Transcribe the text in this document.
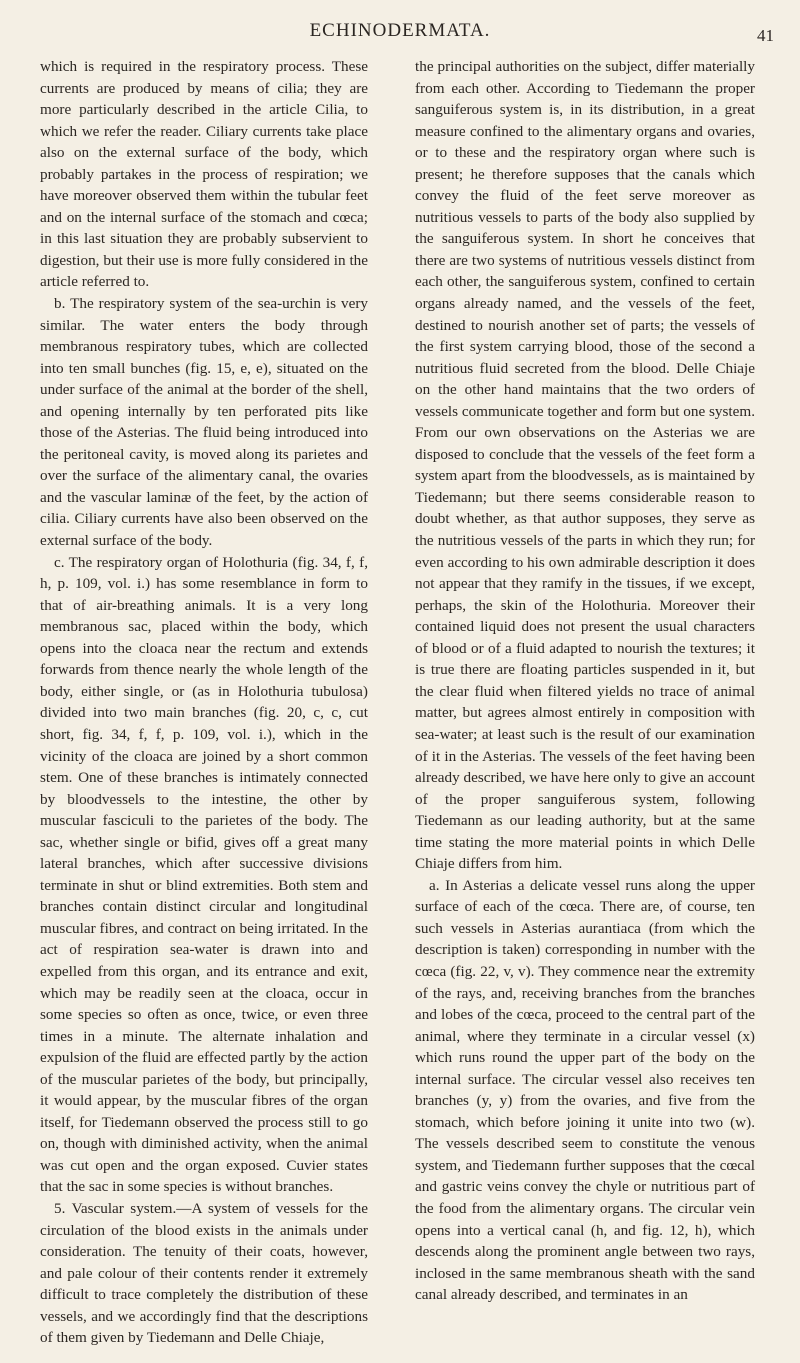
ECHINODERMATA.	41

which is required in the respiratory process. These currents are produced by means of cilia; they are more particularly described in the article Cilia, to which we refer the reader. Ciliary currents take place also on the external surface of the body, which probably partakes in the process of respiration; we have moreover observed them within the tubular feet and on the internal surface of the stomach and cœca; in this last situation they are probably subservient to digestion, but their use is more fully considered in the article referred to.

b. The respiratory system of the sea-urchin is very similar. The water enters the body through membranous respiratory tubes, which are collected into ten small bunches (fig. 15, e, e), situated on the under surface of the animal at the border of the shell, and opening internally by ten perforated pits like those of the Asterias. The fluid being introduced into the peritoneal cavity, is moved along its parietes and over the surface of the alimentary canal, the ovaries and the vascular laminæ of the feet, by the action of cilia. Ciliary currents have also been observed on the external surface of the body.

c. The respiratory organ of Holothuria (fig. 34, f, f, h, p. 109, vol. i.) has some resemblance in form to that of air-breathing animals. It is a very long membranous sac, placed within the body, which opens into the cloaca near the rectum and extends forwards from thence nearly the whole length of the body, either single, or (as in Holothuria tubulosa) divided into two main branches (fig. 20, c, c, cut short, fig. 34, f, f, p. 109, vol. i.), which in the vicinity of the cloaca are joined by a short common stem. One of these branches is intimately connected by bloodvessels to the intestine, the other by muscular fasciculi to the parietes of the body. The sac, whether single or bifid, gives off a great many lateral branches, which after successive divisions terminate in shut or blind extremities. Both stem and branches contain distinct circular and longitudinal muscular fibres, and contract on being irritated. In the act of respiration sea-water is drawn into and expelled from this organ, and its entrance and exit, which may be readily seen at the cloaca, occur in some species so often as once, twice, or even three times in a minute. The alternate inhalation and expulsion of the fluid are effected partly by the action of the muscular parietes of the body, but principally, it would appear, by the muscular fibres of the organ itself, for Tiedemann observed the process still to go on, though with diminished activity, when the animal was cut open and the organ exposed. Cuvier states that the sac in some species is without branches.

5. Vascular system.—A system of vessels for the circulation of the blood exists in the animals under consideration. The tenuity of their coats, however, and pale colour of their contents render it extremely difficult to trace completely the distribution of these vessels, and we accordingly find that the descriptions of them given by Tiedemann and Delle Chiaje,

the principal authorities on the subject, differ materially from each other. According to Tiedemann the proper sanguiferous system is, in its distribution, in a great measure confined to the alimentary organs and ovaries, or to these and the respiratory organ where such is present; he therefore supposes that the canals which convey the fluid of the feet serve moreover as nutritious vessels to parts of the body also supplied by the sanguiferous system. In short he conceives that there are two systems of nutritious vessels distinct from each other, the sanguiferous system, confined to certain organs already named, and the vessels of the feet, destined to nourish another set of parts; the vessels of the first system carrying blood, those of the second a nutritious fluid secreted from the blood. Delle Chiaje on the other hand maintains that the two orders of vessels communicate together and form but one system. From our own observations on the Asterias we are disposed to conclude that the vessels of the feet form a system apart from the bloodvessels, as is maintained by Tiedemann; but there seems considerable reason to doubt whether, as that author supposes, they serve as the nutritious vessels of the parts in which they run; for even according to his own admirable description it does not appear that they ramify in the tissues, if we except, perhaps, the skin of the Holothuria. Moreover their contained liquid does not present the usual characters of blood or of a fluid adapted to nourish the textures; it is true there are floating particles suspended in it, but the clear fluid when filtered yields no trace of animal matter, but agrees almost entirely in composition with sea-water; at least such is the result of our examination of it in the Asterias. The vessels of the feet having been already described, we have here only to give an account of the proper sanguiferous system, following Tiedemann as our leading authority, but at the same time stating the more material points in which Delle Chiaje differs from him.

a. In Asterias a delicate vessel runs along the upper surface of each of the cœca. There are, of course, ten such vessels in Asterias aurantiaca (from which the description is taken) corresponding in number with the cœca (fig. 22, v, v). They commence near the extremity of the rays, and, receiving branches from the branches and lobes of the cœca, proceed to the central part of the animal, where they terminate in a circular vessel (x) which runs round the upper part of the body on the internal surface. The circular vessel also receives ten branches (y, y) from the ovaries, and five from the stomach, which before joining it unite into two (w). The vessels described seem to constitute the venous system, and Tiedemann further supposes that the cœcal and gastric veins convey the chyle or nutritious part of the food from the alimentary organs. The circular vein opens into a vertical canal (h, and fig. 12, h), which descends along the prominent angle between two rays, inclosed in the same membranous sheath with the sand canal already described, and terminates in an
